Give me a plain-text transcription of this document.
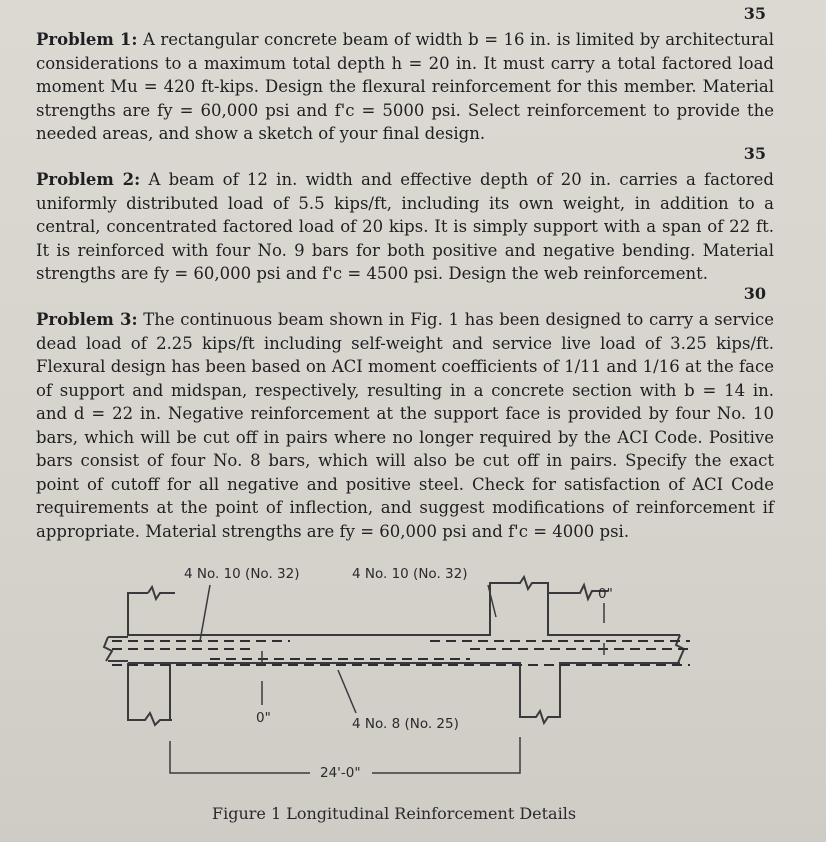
35
Problem 1: A rectangular concrete beam of width b = 16 in. is limited by architectural considerations to a maximum total depth h = 20 in. It must carry a total factored load moment Mu = 420 ft-kips. Design the flexural reinforcement for this member. Material strengths are fy = 60,000 psi and f'c = 5000 psi. Select reinforcement to provide the needed areas, and show a sketch of your final design.
35
Problem 2: A beam of 12 in. width and effective depth of 20 in. carries a factored uniformly distributed load of 5.5 kips/ft, including its own weight, in addition to a central, concentrated factored load of 20 kips. It is simply support with a span of 22 ft. It is reinforced with four No. 9 bars for both positive and negative bending. Material strengths are fy = 60,000 psi and f'c = 4500 psi. Design the web reinforcement.
30
Problem 3: The continuous beam shown in Fig. 1 has been designed to carry a service dead load of 2.25 kips/ft including self-weight and service live load of 3.25 kips/ft. Flexural design has been based on ACI moment coefficients of 1/11 and 1/16 at the face of support and midspan, respectively, resulting in a concrete section with b = 14 in. and d = 22 in. Negative reinforcement at the support face is provided by four No. 10 bars, which will be cut off in pairs where no longer required by the ACI Code. Positive bars consist of four No. 8 bars, which will also be cut off in pairs. Specify the exact point of cutoff for all negative and positive steel. Check for satisfaction of ACI Code requirements at the point of inflection, and suggest modifications of reinforcement if appropriate. Material strengths are fy = 60,000 psi and f'c = 4000 psi.
4 No. 10 (No. 32)	4 No. 10 (No. 32)
0"
0"	4 No. 8 (No. 25)
24'-0"
Figure 1 Longitudinal Reinforcement Details
